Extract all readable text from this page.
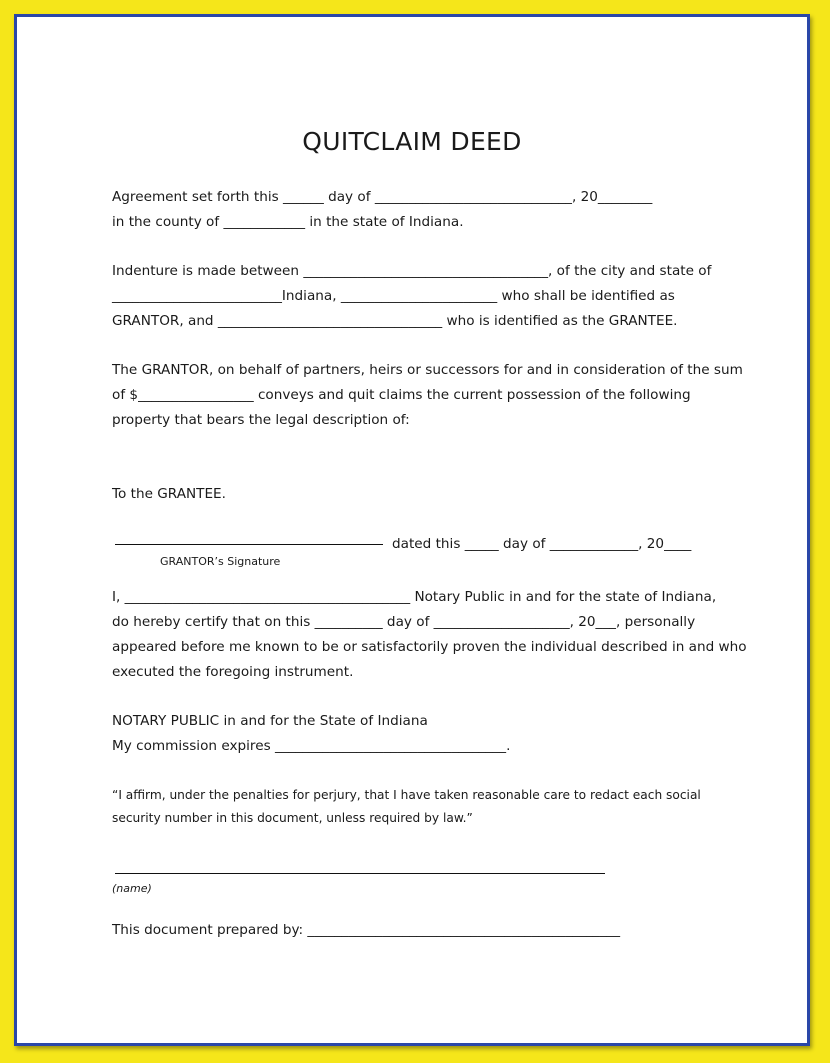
QUITCLAIM DEED
Agreement set forth this ______ day of _____________________________, 20________
in the county of ____________ in the state of Indiana.
Indenture is made between ____________________________________, of the city and state of
_________________________Indiana, _______________________ who shall be identified as
GRANTOR, and _________________________________ who is identified as the GRANTEE.
The GRANTOR, on behalf of partners, heirs or successors for and in consideration of the sum
of $_________________ conveys and quit claims the current possession of the following
property that bears the legal description of:
To the GRANTEE.
dated this _____ day of _____________, 20____
GRANTOR’s Signature
I, __________________________________________ Notary Public in and for the state of Indiana,
do hereby certify that on this __________ day of ____________________, 20___, personally
appeared before me known to be or satisfactorily proven the individual described in and who
executed the foregoing instrument.
NOTARY PUBLIC in and for the State of Indiana
My commission expires __________________________________.
“I affirm, under the penalties for perjury, that I have taken reasonable care to redact each social
security number in this document, unless required by law.”
(name)
This document prepared by: ______________________________________________
